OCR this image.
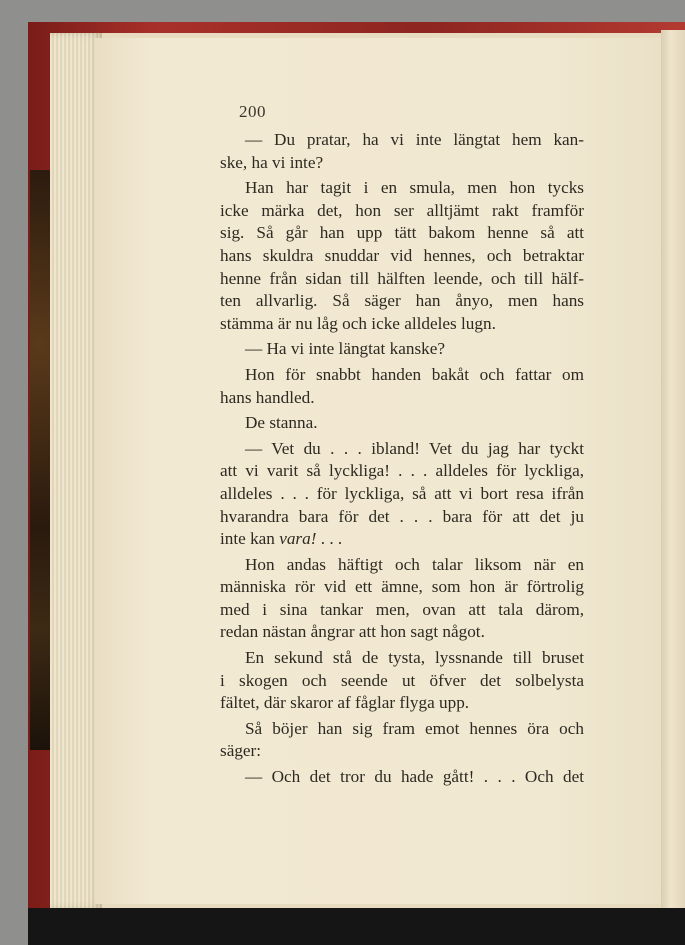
200

— Du pratar, ha vi inte längtat hem kan-
ske, ha vi inte?

Han har tagit i en smula, men hon tycks
icke märka det, hon ser alltjämt rakt framför
sig. Så går han upp tätt bakom henne så att
hans skuldra snuddar vid hennes, och betraktar
henne från sidan till hälften leende, och till hälf-
ten allvarlig. Så säger han ånyo, men hans
stämma är nu låg och icke alldeles lugn.

— Ha vi inte längtat kanske?

Hon för snabbt handen bakåt och fattar om
hans handled.

De stanna.

— Vet du . . . ibland! Vet du jag har tyckt
att vi varit så lyckliga! . . . alldeles för lyckliga,
alldeles . . . för lyckliga, så att vi bort resa ifrån
hvarandra bara för det . . . bara för att det ju
inte kan vara! . . .

Hon andas häftigt och talar liksom när en
människa rör vid ett ämne, som hon är förtrolig
med i sina tankar men, ovan att tala därom,
redan nästan ångrar att hon sagt något.

En sekund stå de tysta, lyssnande till bruset
i skogen och seende ut öfver det solbelysta
fältet, där skaror af fåglar flyga upp.

Så böjer han sig fram emot hennes öra och
säger:

— Och det tror du hade gått! . . . Och det
